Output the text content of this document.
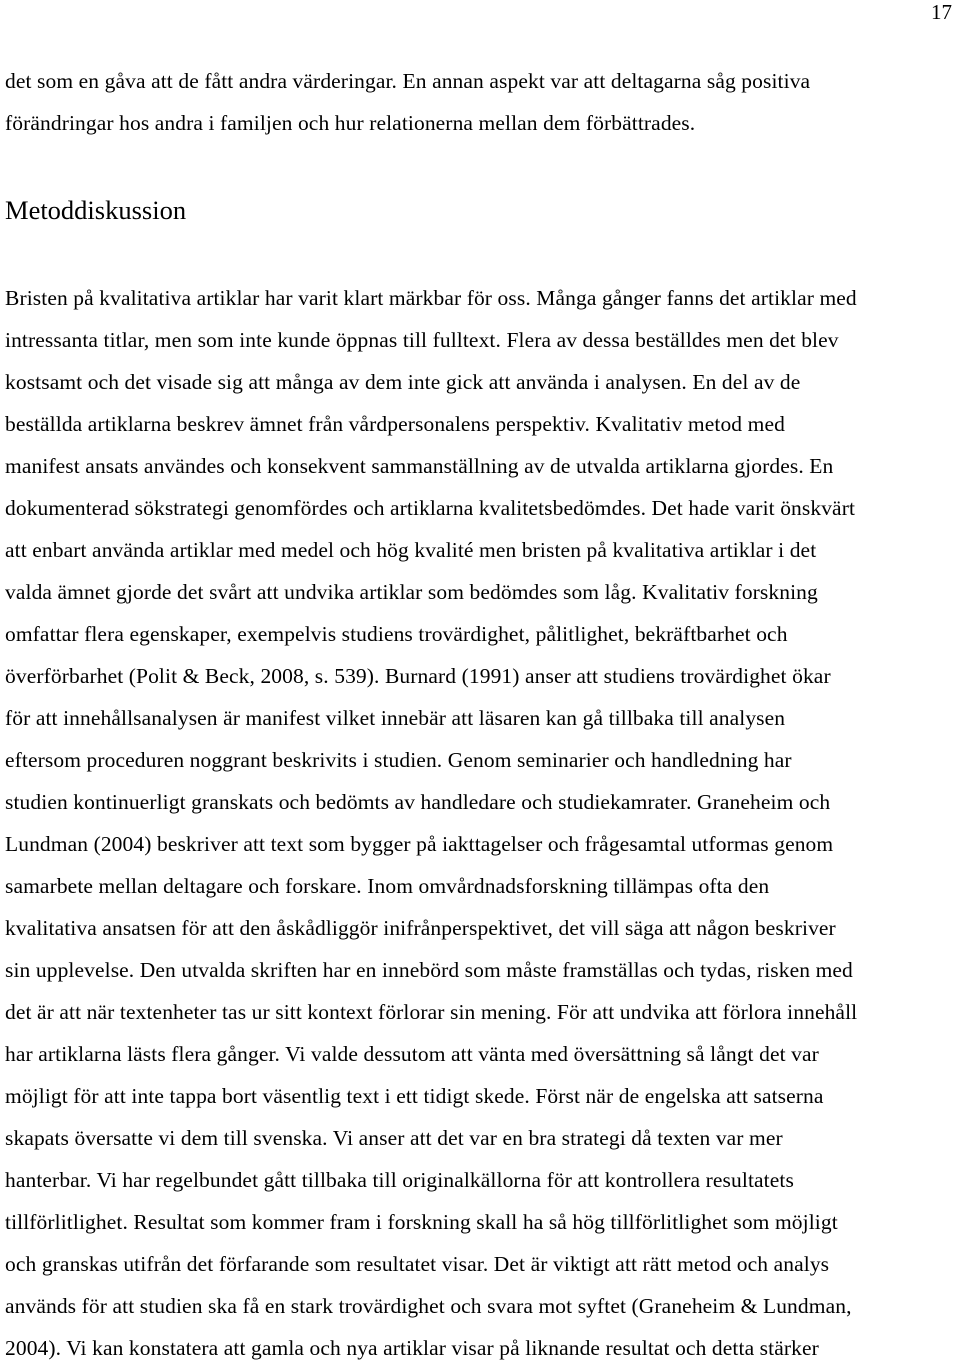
17
det som en gåva att de fått andra värderingar. En annan aspekt var att deltagarna såg positiva
förändringar hos andra i familjen och hur relationerna mellan dem förbättrades.
Metoddiskussion
Bristen på kvalitativa artiklar har varit klart märkbar för oss. Många gånger fanns det artiklar med
intressanta titlar, men som inte kunde öppnas till fulltext. Flera av dessa beställdes men det blev
kostsamt och det visade sig att många av dem inte gick att använda i analysen. En del av de
beställda artiklarna beskrev ämnet från vårdpersonalens perspektiv. Kvalitativ metod med
manifest ansats användes och konsekvent sammanställning av de utvalda artiklarna gjordes. En
dokumenterad sökstrategi genomfördes och artiklarna kvalitetsbedömdes. Det hade varit önskvärt
att enbart använda artiklar med medel och hög kvalité men bristen på kvalitativa artiklar i det
valda ämnet gjorde det svårt att undvika artiklar som bedömdes som låg. Kvalitativ forskning
omfattar flera egenskaper, exempelvis studiens trovärdighet, pålitlighet, bekräftbarhet och
överförbarhet (Polit & Beck, 2008, s. 539). Burnard (1991) anser att studiens trovärdighet ökar
för att innehållsanalysen är manifest vilket innebär att läsaren kan gå tillbaka till analysen
eftersom proceduren noggrant beskrivits i studien. Genom seminarier och handledning har
studien kontinuerligt granskats och bedömts av handledare och studiekamrater. Graneheim och
Lundman (2004) beskriver att text som bygger på iakttagelser och frågesamtal utformas genom
samarbete mellan deltagare och forskare. Inom omvårdnadsforskning tillämpas ofta den
kvalitativa ansatsen för att den åskådliggör inifrånperspektivet, det vill säga att någon beskriver
sin upplevelse. Den utvalda skriften har en innebörd som måste framställas och tydas, risken med
det är att när textenheter tas ur sitt kontext förlorar sin mening. För att undvika att förlora innehåll
har artiklarna lästs flera gånger. Vi valde dessutom att vänta med översättning så långt det var
möjligt för att inte tappa bort väsentlig text i ett tidigt skede. Först när de engelska att satserna
skapats översatte vi dem till svenska. Vi anser att det var en bra strategi då texten var mer
hanterbar. Vi har regelbundet gått tillbaka till originalkällorna för att kontrollera resultatets
tillförlitlighet. Resultat som kommer fram i forskning skall ha så hög tillförlitlighet som möjligt
och granskas utifrån det förfarande som resultatet visar. Det är viktigt att rätt metod och analys
används för att studien ska få en stark trovärdighet och svara mot syftet (Graneheim & Lundman,
2004). Vi kan konstatera att gamla och nya artiklar visar på liknande resultat och detta stärker
